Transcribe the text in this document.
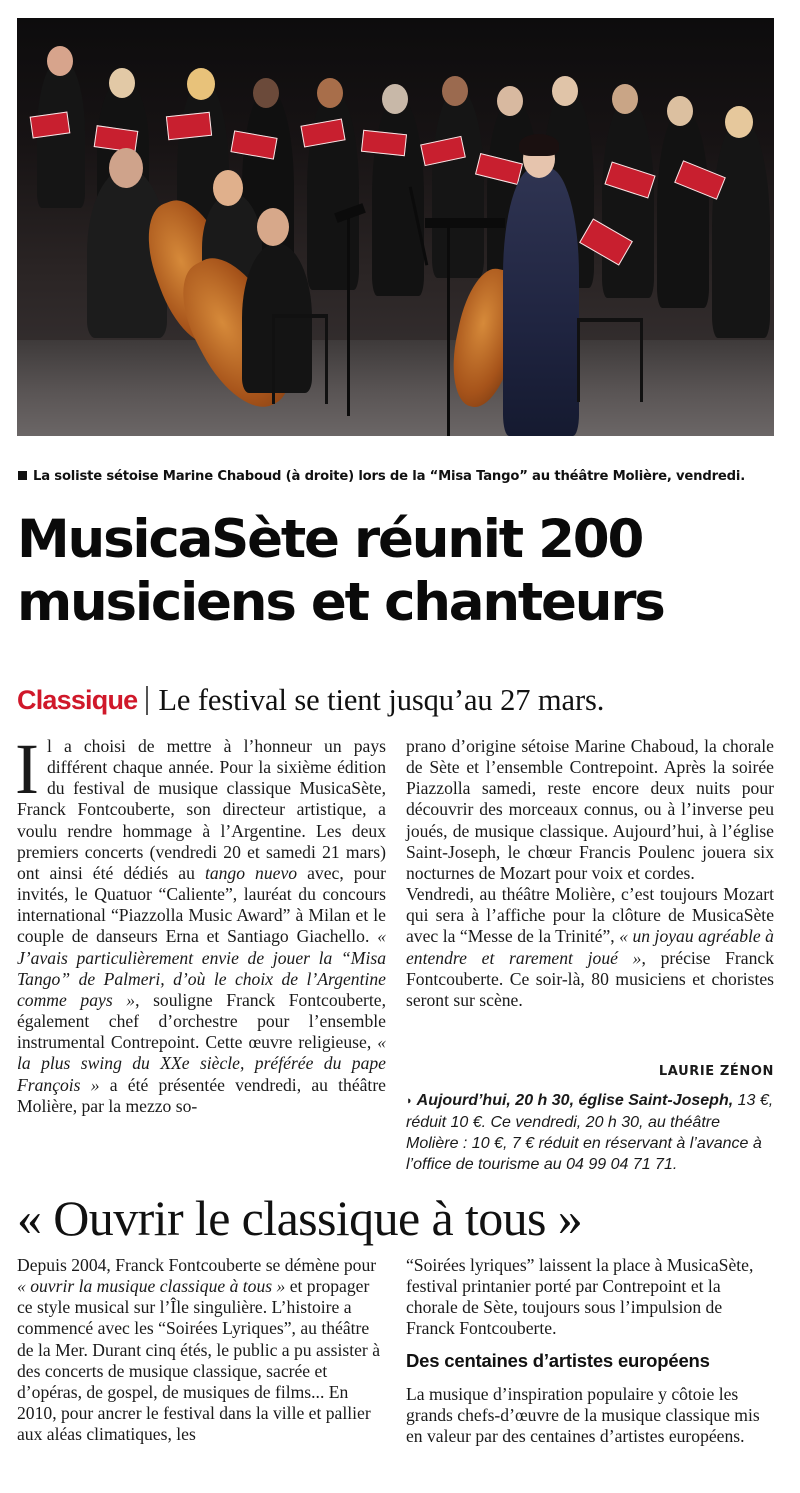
La soliste sétoise Marine Chaboud (à droite) lors de la “Misa Tango” au théâtre Molière, vendredi.
MusicaSète réunit 200
musiciens et chanteurs
Classique Le festival se tient jusqu’au 27 mars.
Il a choisi de mettre à l’honneur un pays différent chaque année. Pour la sixième édition du festival de musique classique MusicaSète, Franck Fontcouberte, son directeur artistique, a voulu rendre hommage à l’Argentine. Les deux premiers concerts (vendredi 20 et samedi 21 mars) ont ainsi été dédiés au tango nuevo avec, pour invités, le Quatuor “Caliente”, lauréat du concours international “Piazzolla Music Award” à Milan et le couple de danseurs Erna et Santiago Giachello. « J’avais particulièrement envie de jouer la “Misa Tango” de Palmeri, d’où le choix de l’Argentine comme pays », souligne Franck Fontcouberte, également chef d’orchestre pour l’ensemble instrumental Contrepoint. Cette œuvre religieuse, « la plus swing du XXe siècle, préférée du pape François » a été présentée vendredi, au théâtre Molière, par la mezzo so-

prano d’origine sétoise Marine Chaboud, la chorale de Sète et l’ensemble Contrepoint. Après la soirée Piazzolla samedi, reste encore deux nuits pour découvrir des morceaux connus, ou à l’inverse peu joués, de musique classique. Aujourd’hui, à l’église Saint-Joseph, le chœur Francis Poulenc jouera six nocturnes de Mozart pour voix et cordes.

Vendredi, au théâtre Molière, c’est toujours Mozart qui sera à l’affiche pour la clôture de MusicaSète avec la “Messe de la Trinité”, « un joyau agréable à entendre et rarement joué », précise Franck Fontcouberte. Ce soir-là, 80 musiciens et choristes seront sur scène.

LAURIE ZÉNON
◗ Aujourd’hui, 20 h 30, église Saint-Joseph, 13 €, réduit 10 €. Ce vendredi, 20 h 30, au théâtre Molière : 10 €, 7 € réduit en réservant à l’avance à l’office de tourisme au 04 99 04 71 71.
« Ouvrir le classique à tous »
Depuis 2004, Franck Fontcouberte se démène pour « ouvrir la musique classique à tous » et propager ce style musical sur l’Île singulière. L’histoire a commencé avec les “Soirées Lyriques”, au théâtre de la Mer. Durant cinq étés, le public a pu assister à des concerts de musique classique, sacrée et d’opéras, de gospel, de musiques de films... En 2010, pour ancrer le festival dans la ville et pallier aux aléas climatiques, les

“Soirées lyriques” laissent la place à MusicaSète, festival printanier porté par Contrepoint et la chorale de Sète, toujours sous l’impulsion de Franck Fontcouberte.

Des centaines d’artistes européens

La musique d’inspiration populaire y côtoie les grands chefs-d’œuvre de la musique classique mis en valeur par des centaines d’artistes européens.
